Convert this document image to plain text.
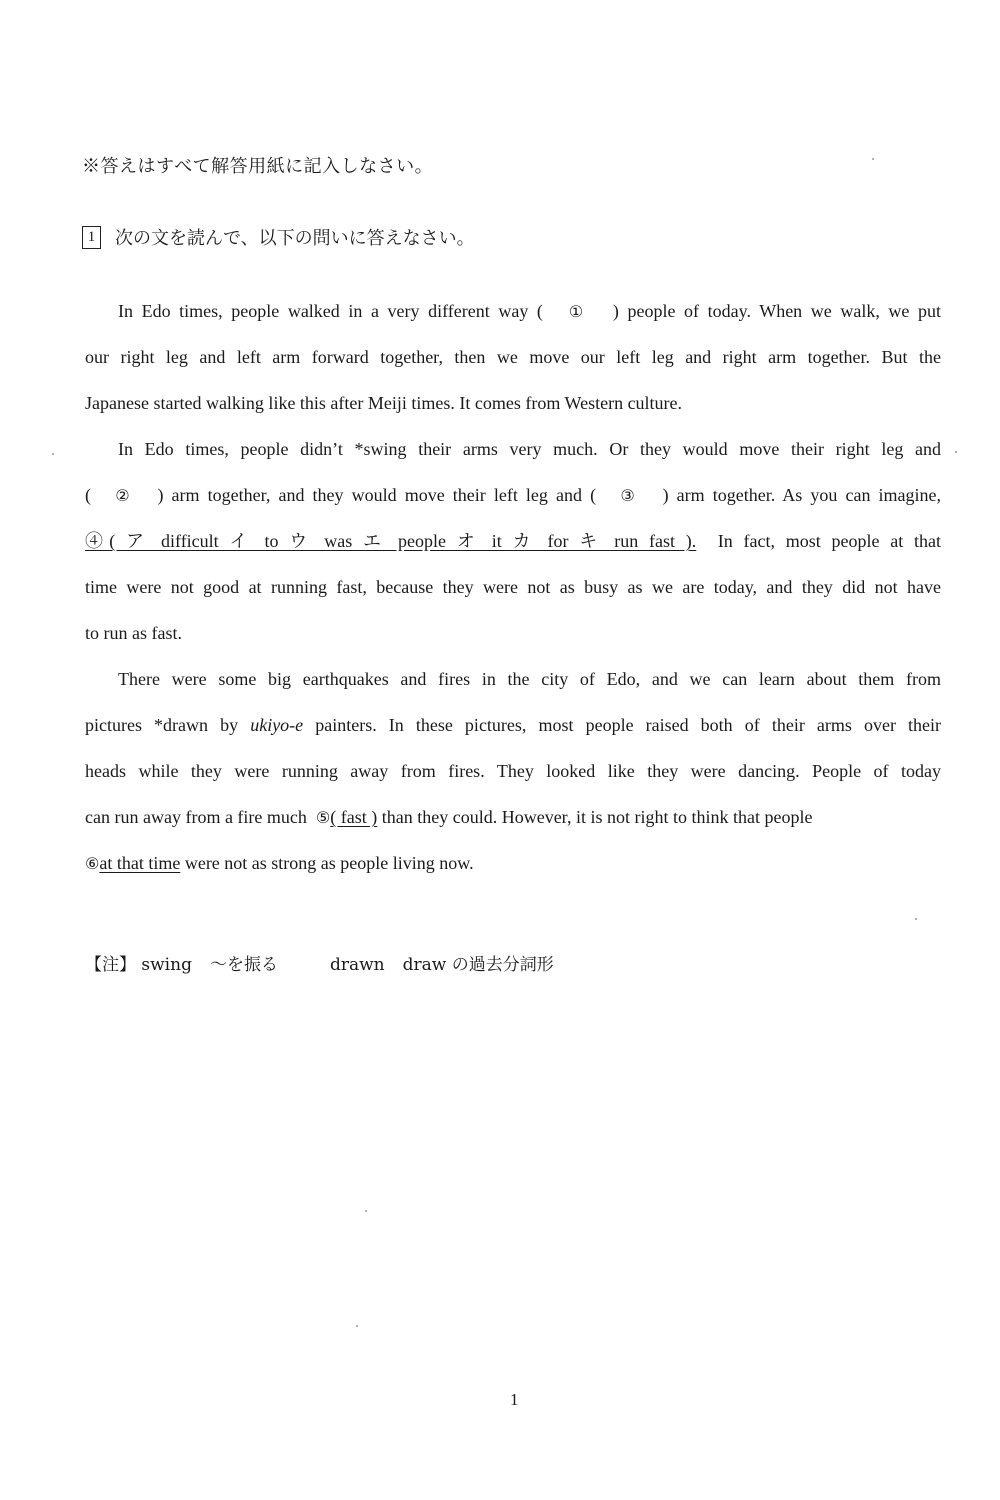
※答えはすべて解答用紙に記入しなさい。
1	次の文を読んで、以下の問いに答えなさい。
In Edo times, people walked in a very different way ( ① ) people of today. When we walk, we put
our right leg and left arm forward together, then we move our left leg and right arm together. But the
Japanese started walking like this after Meiji times. It comes from Western culture.
In Edo times, people didn’t *swing their arms very much. Or they would move their right leg and
( ② ) arm together, and they would move their left leg and ( ③ ) arm together. As you can imagine,
④( ア difficult イ to ウ was エ people オ it カ for キ run fast ). In fact, most people at that
time were not good at running fast, because they were not as busy as we are today, and they did not have
to run as fast.
There were some big earthquakes and fires in the city of Edo, and we can learn about them from
pictures *drawn by ukiyo-e painters. In these pictures, most people raised both of their arms over their
heads while they were running away from fires. They looked like they were dancing. People of today
can run away from a fire much ⑤( fast ) than they could. However, it is not right to think that people
⑥at that time were not as strong as people living now.
【注】 swing ～を振る	drawn draw の過去分詞形
1
